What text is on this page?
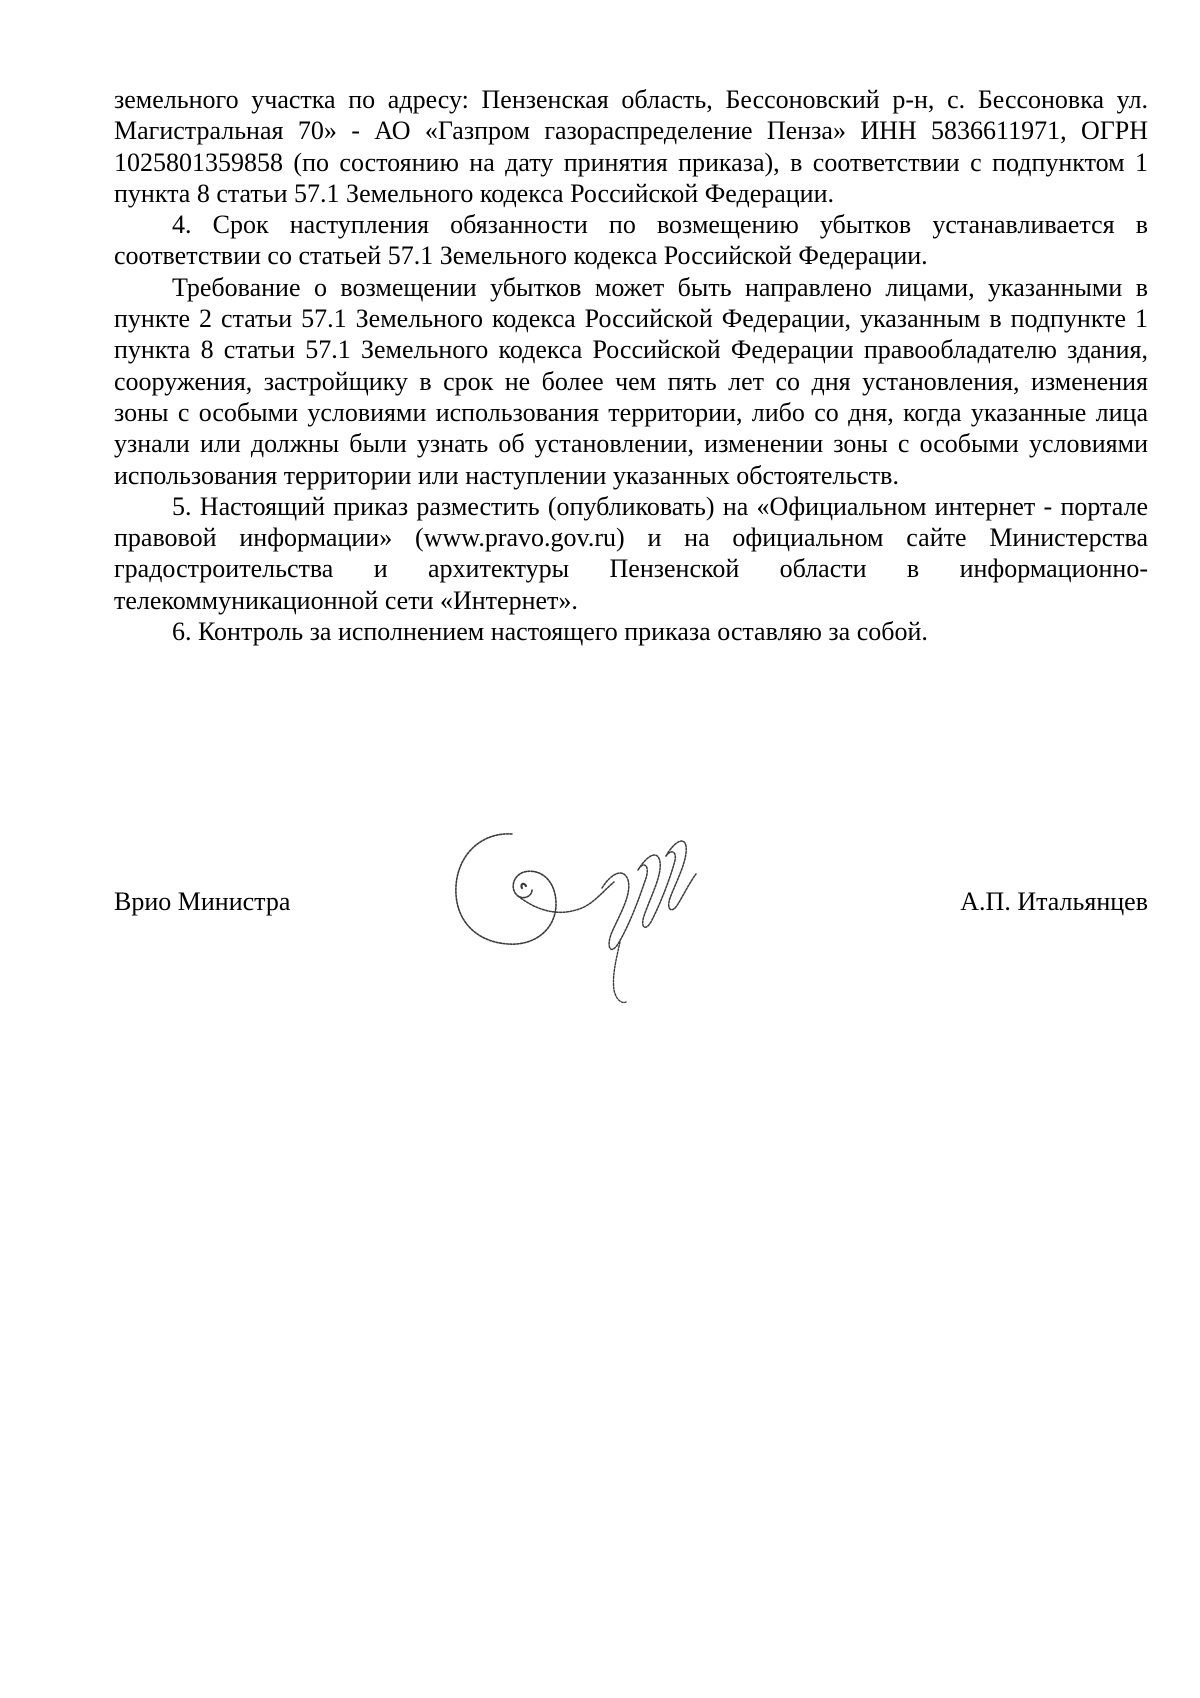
земельного участка по адресу: Пензенская область, Бессоновский р-н, с. Бессоновка ул. Магистральная 70» - АО «Газпром газораспределение Пенза» ИНН 5836611971, ОГРН 1025801359858 (по состоянию на дату принятия приказа), в соответствии с подпунктом 1 пункта 8 статьи 57.1 Земельного кодекса Российской Федерации.

4. Срок наступления обязанности по возмещению убытков устанавливается в соответствии со статьей 57.1 Земельного кодекса Российской Федерации.

Требование о возмещении убытков может быть направлено лицами, указанными в пункте 2 статьи 57.1 Земельного кодекса Российской Федерации, указанным в подпункте 1 пункта 8 статьи 57.1 Земельного кодекса Российской Федерации правообладателю здания, сооружения, застройщику в срок не более чем пять лет со дня установления, изменения зоны с особыми условиями использования территории, либо со дня, когда указанные лица узнали или должны были узнать об установлении, изменении зоны с особыми условиями использования территории или наступлении указанных обстоятельств.

5. Настоящий приказ разместить (опубликовать) на «Официальном интернет - портале правовой информации» (www.pravo.gov.ru) и на официальном сайте Министерства градостроительства и архитектуры Пензенской области в информационно-телекоммуникационной сети «Интернет».

6. Контроль за исполнением настоящего приказа оставляю за собой.

Врио Министра	А.П. Итальянцев
